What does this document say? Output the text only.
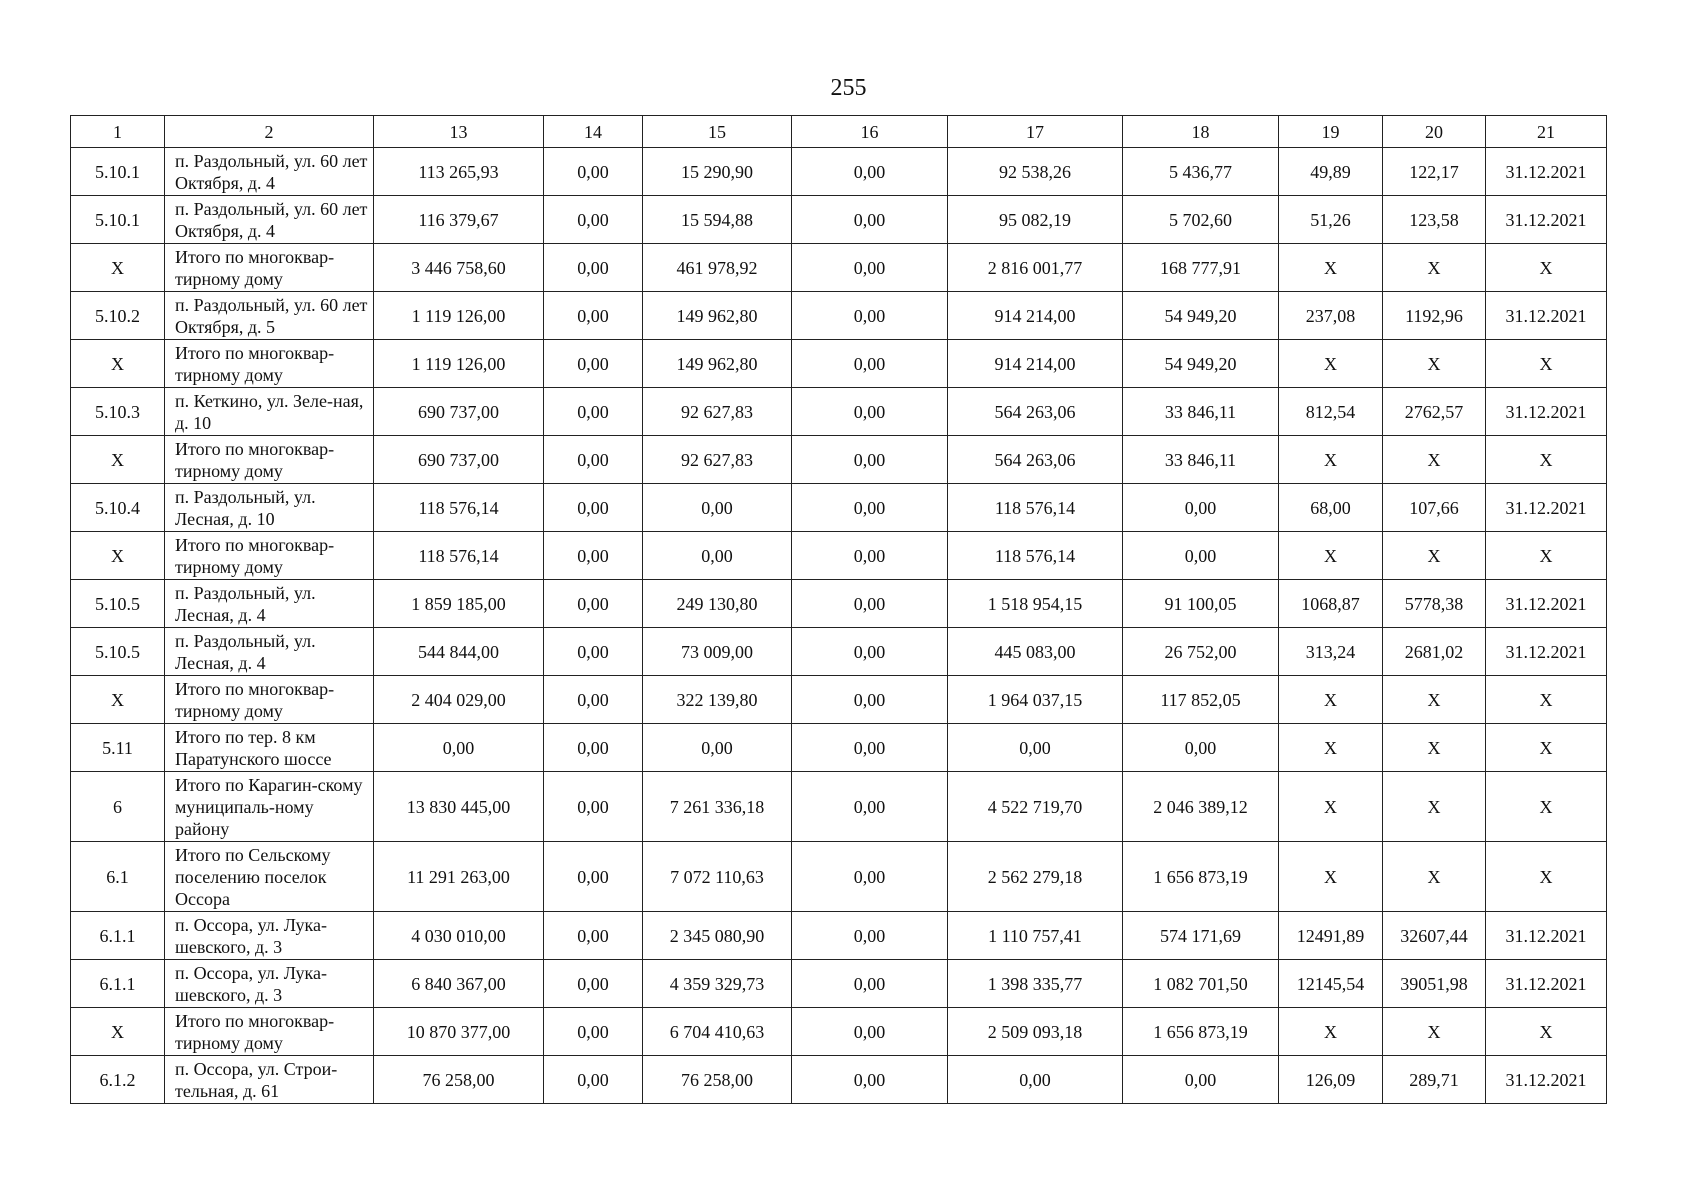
255
1	2	13	14	15	16	17	18	19	20	21
5.10.1	п. Раздольный, ул. 60 лет Октября, д. 4	113 265,93	0,00	15 290,90	0,00	92 538,26	5 436,77	49,89	122,17	31.12.2021
5.10.1	п. Раздольный, ул. 60 лет Октября, д. 4	116 379,67	0,00	15 594,88	0,00	95 082,19	5 702,60	51,26	123,58	31.12.2021
X	Итого по многоквар-тирному дому	3 446 758,60	0,00	461 978,92	0,00	2 816 001,77	168 777,91	X	X	X
5.10.2	п. Раздольный, ул. 60 лет Октября, д. 5	1 119 126,00	0,00	149 962,80	0,00	914 214,00	54 949,20	237,08	1192,96	31.12.2021
X	Итого по многоквар-тирному дому	1 119 126,00	0,00	149 962,80	0,00	914 214,00	54 949,20	X	X	X
5.10.3	п. Кеткино, ул. Зеле-ная, д. 10	690 737,00	0,00	92 627,83	0,00	564 263,06	33 846,11	812,54	2762,57	31.12.2021
X	Итого по многоквар-тирному дому	690 737,00	0,00	92 627,83	0,00	564 263,06	33 846,11	X	X	X
5.10.4	п. Раздольный, ул. Лесная, д. 10	118 576,14	0,00	0,00	0,00	118 576,14	0,00	68,00	107,66	31.12.2021
X	Итого по многоквар-тирному дому	118 576,14	0,00	0,00	0,00	118 576,14	0,00	X	X	X
5.10.5	п. Раздольный, ул. Лесная, д. 4	1 859 185,00	0,00	249 130,80	0,00	1 518 954,15	91 100,05	1068,87	5778,38	31.12.2021
5.10.5	п. Раздольный, ул. Лесная, д. 4	544 844,00	0,00	73 009,00	0,00	445 083,00	26 752,00	313,24	2681,02	31.12.2021
X	Итого по многоквар-тирному дому	2 404 029,00	0,00	322 139,80	0,00	1 964 037,15	117 852,05	X	X	X
5.11	Итого по тер. 8 км Паратунского шоссе	0,00	0,00	0,00	0,00	0,00	0,00	X	X	X
6	Итого по Карагин-скому муниципаль-ному району	13 830 445,00	0,00	7 261 336,18	0,00	4 522 719,70	2 046 389,12	X	X	X
6.1	Итого по Сельскому поселению поселок Оссора	11 291 263,00	0,00	7 072 110,63	0,00	2 562 279,18	1 656 873,19	X	X	X
6.1.1	п. Оссора, ул. Лука-шевского, д. 3	4 030 010,00	0,00	2 345 080,90	0,00	1 110 757,41	574 171,69	12491,89	32607,44	31.12.2021
6.1.1	п. Оссора, ул. Лука-шевского, д. 3	6 840 367,00	0,00	4 359 329,73	0,00	1 398 335,77	1 082 701,50	12145,54	39051,98	31.12.2021
X	Итого по многоквар-тирному дому	10 870 377,00	0,00	6 704 410,63	0,00	2 509 093,18	1 656 873,19	X	X	X
6.1.2	п. Оссора, ул. Строи-тельная, д. 61	76 258,00	0,00	76 258,00	0,00	0,00	0,00	126,09	289,71	31.12.2021
